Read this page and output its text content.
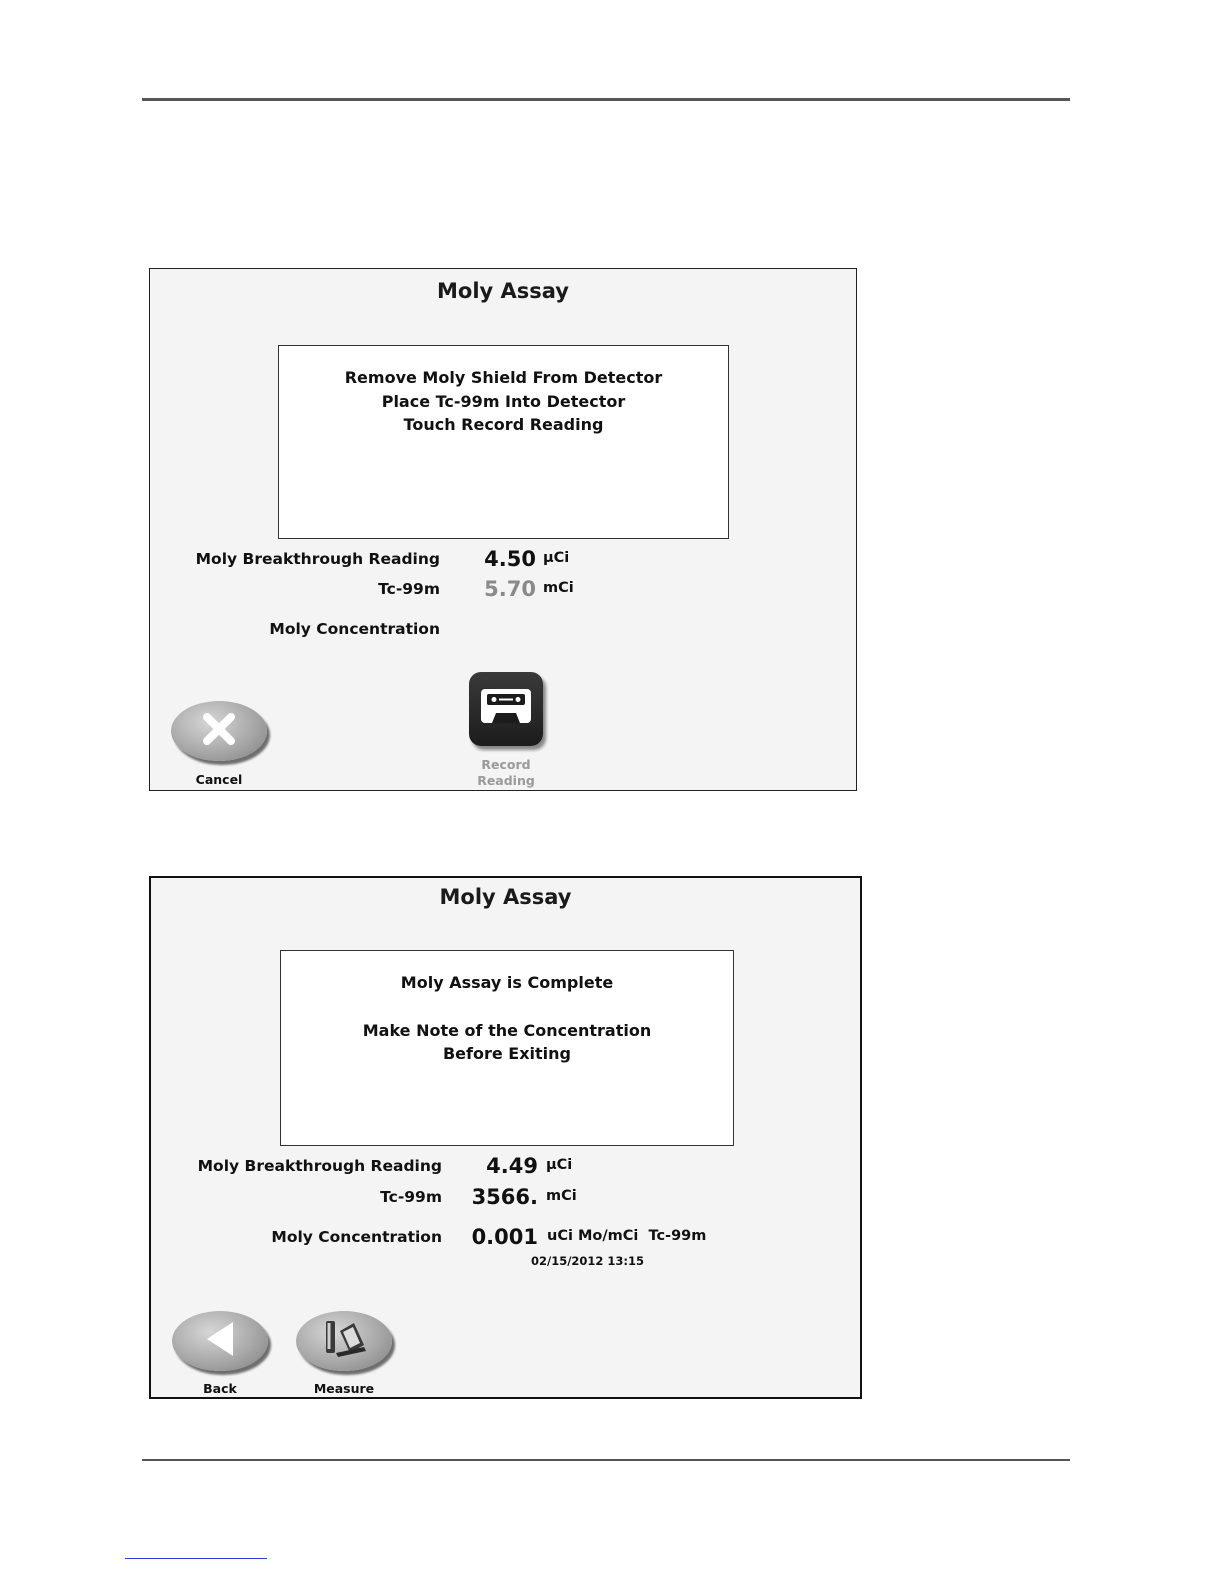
Moly Assay
Remove Moly Shield From Detector
Place Tc-99m Into Detector
Touch Record Reading
Moly Breakthrough Reading	4.50 µCi
Tc-99m	5.70 mCi
Moly Concentration
Cancel
Record
Reading
Moly Assay
Moly Assay is Complete
Make Note of the Concentration
Before Exiting
Moly Breakthrough Reading	4.49 µCi
Tc-99m	3566. mCi
Moly Concentration	0.001 uCi Mo/mCi  Tc-99m
02/15/2012 13:15
Back	Measure
